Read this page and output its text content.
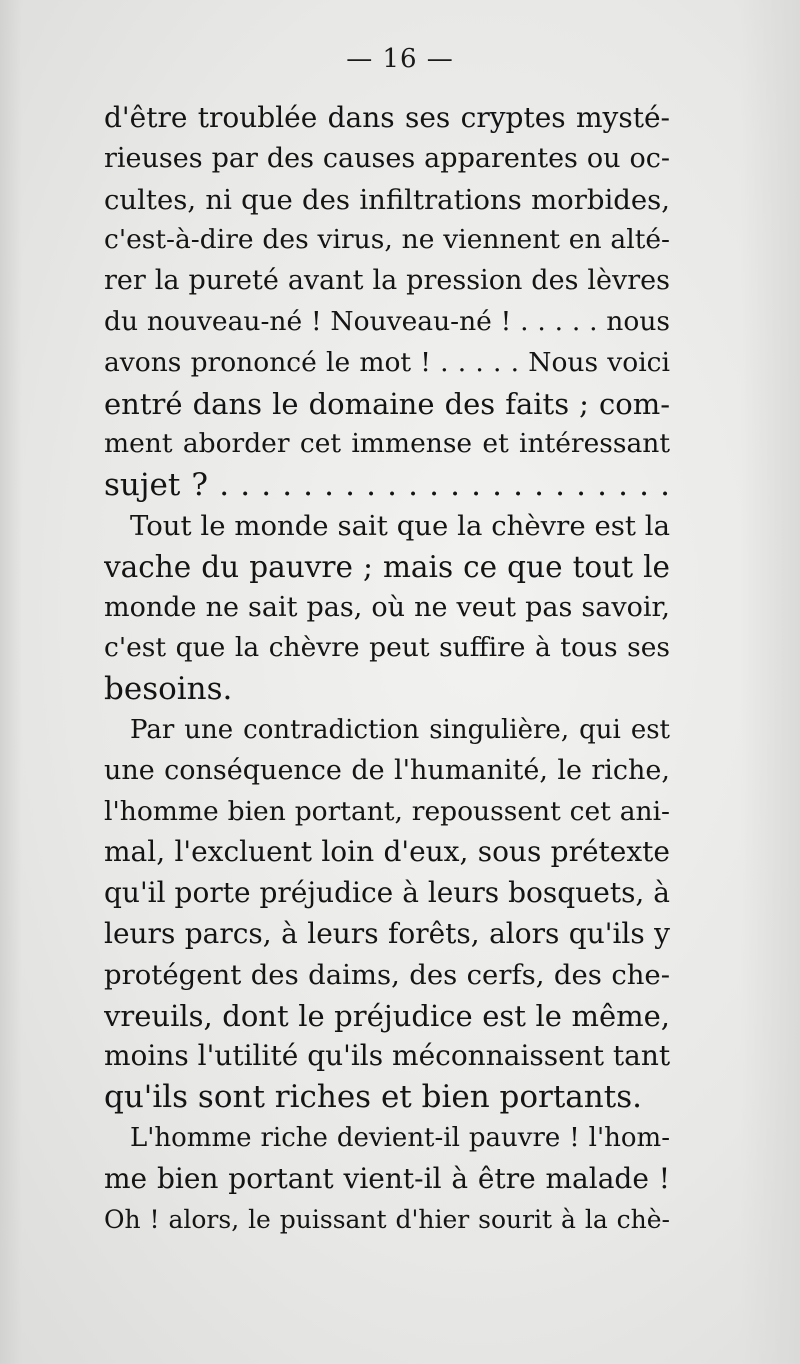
— 16 —
d'être troublée dans ses cryptes mysté-
rieuses par des causes apparentes ou oc-
cultes, ni que des infiltrations morbides,
c'est-à-dire des virus, ne viennent en alté-
rer la pureté avant la pression des lèvres
du nouveau-né ! Nouveau-né ! . . . . . nous
avons prononcé le mot ! . . . . . Nous voici
entré dans le domaine des faits ; com-
ment aborder cet immense et intéressant
sujet ? . . . . . . . . . . . . . . . . . . . . . .
Tout le monde sait que la chèvre est la
vache du pauvre ; mais ce que tout le
monde ne sait pas, où ne veut pas savoir,
c'est que la chèvre peut suffire à tous ses
besoins.
Par une contradiction singulière, qui est
une conséquence de l'humanité, le riche,
l'homme bien portant, repoussent cet ani-
mal, l'excluent loin d'eux, sous prétexte
qu'il porte préjudice à leurs bosquets, à
leurs parcs, à leurs forêts, alors qu'ils y
protégent des daims, des cerfs, des che-
vreuils, dont le préjudice est le même,
moins l'utilité qu'ils méconnaissent tant
qu'ils sont riches et bien portants.
L'homme riche devient-il pauvre ! l'hom-
me bien portant vient-il à être malade !
Oh ! alors, le puissant d'hier sourit à la chè-
